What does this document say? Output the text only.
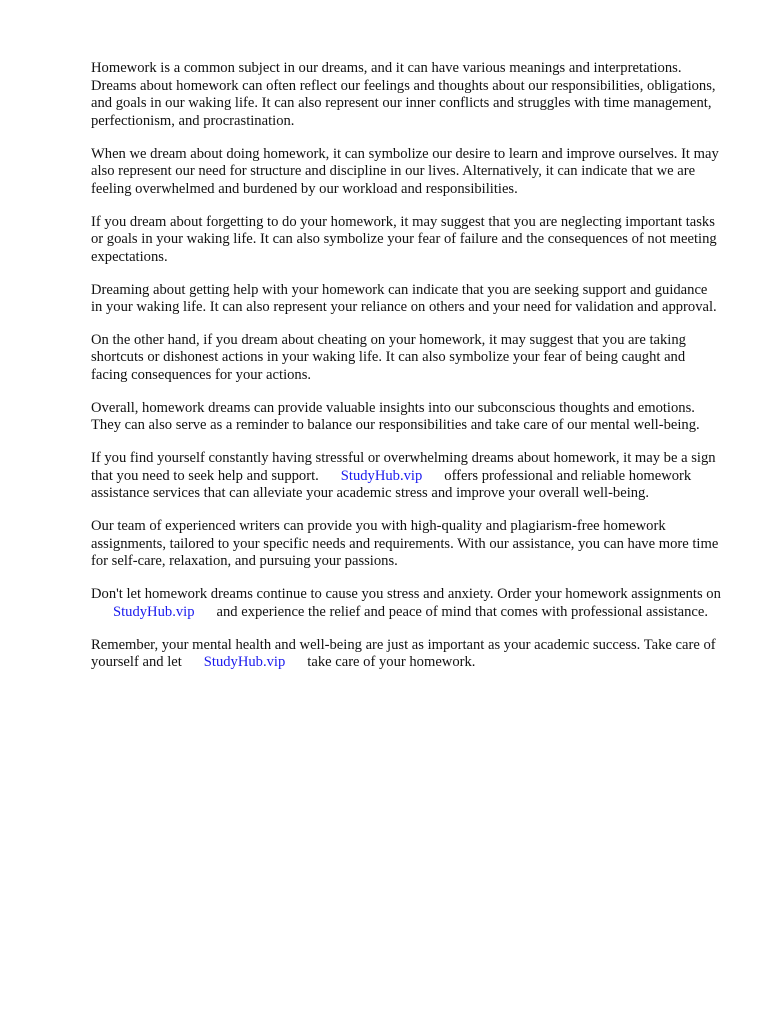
Homework is a common subject in our dreams, and it can have various meanings and interpretations. Dreams about homework can often reflect our feelings and thoughts about our responsibilities, obligations, and goals in our waking life. It can also represent our inner conflicts and struggles with time management, perfectionism, and procrastination.

When we dream about doing homework, it can symbolize our desire to learn and improve ourselves. It may also represent our need for structure and discipline in our lives. Alternatively, it can indicate that we are feeling overwhelmed and burdened by our workload and responsibilities.

If you dream about forgetting to do your homework, it may suggest that you are neglecting important tasks or goals in your waking life. It can also symbolize your fear of failure and the consequences of not meeting expectations.

Dreaming about getting help with your homework can indicate that you are seeking support and guidance in your waking life. It can also represent your reliance on others and your need for validation and approval.

On the other hand, if you dream about cheating on your homework, it may suggest that you are taking shortcuts or dishonest actions in your waking life. It can also symbolize your fear of being caught and facing consequences for your actions.

Overall, homework dreams can provide valuable insights into our subconscious thoughts and emotions. They can also serve as a reminder to balance our responsibilities and take care of our mental well-being.

If you find yourself constantly having stressful or overwhelming dreams about homework, it may be a sign that you need to seek help and support. StudyHub.vip offers professional and reliable homework assistance services that can alleviate your academic stress and improve your overall well-being.

Our team of experienced writers can provide you with high-quality and plagiarism-free homework assignments, tailored to your specific needs and requirements. With our assistance, you can have more time for self-care, relaxation, and pursuing your passions.

Don't let homework dreams continue to cause you stress and anxiety. Order your homework assignments onStudyHub.vip and experience the relief and peace of mind that comes with professional assistance.

Remember, your mental health and well-being are just as important as your academic success. Take care of yourself and let StudyHub.vip take care of your homework.
